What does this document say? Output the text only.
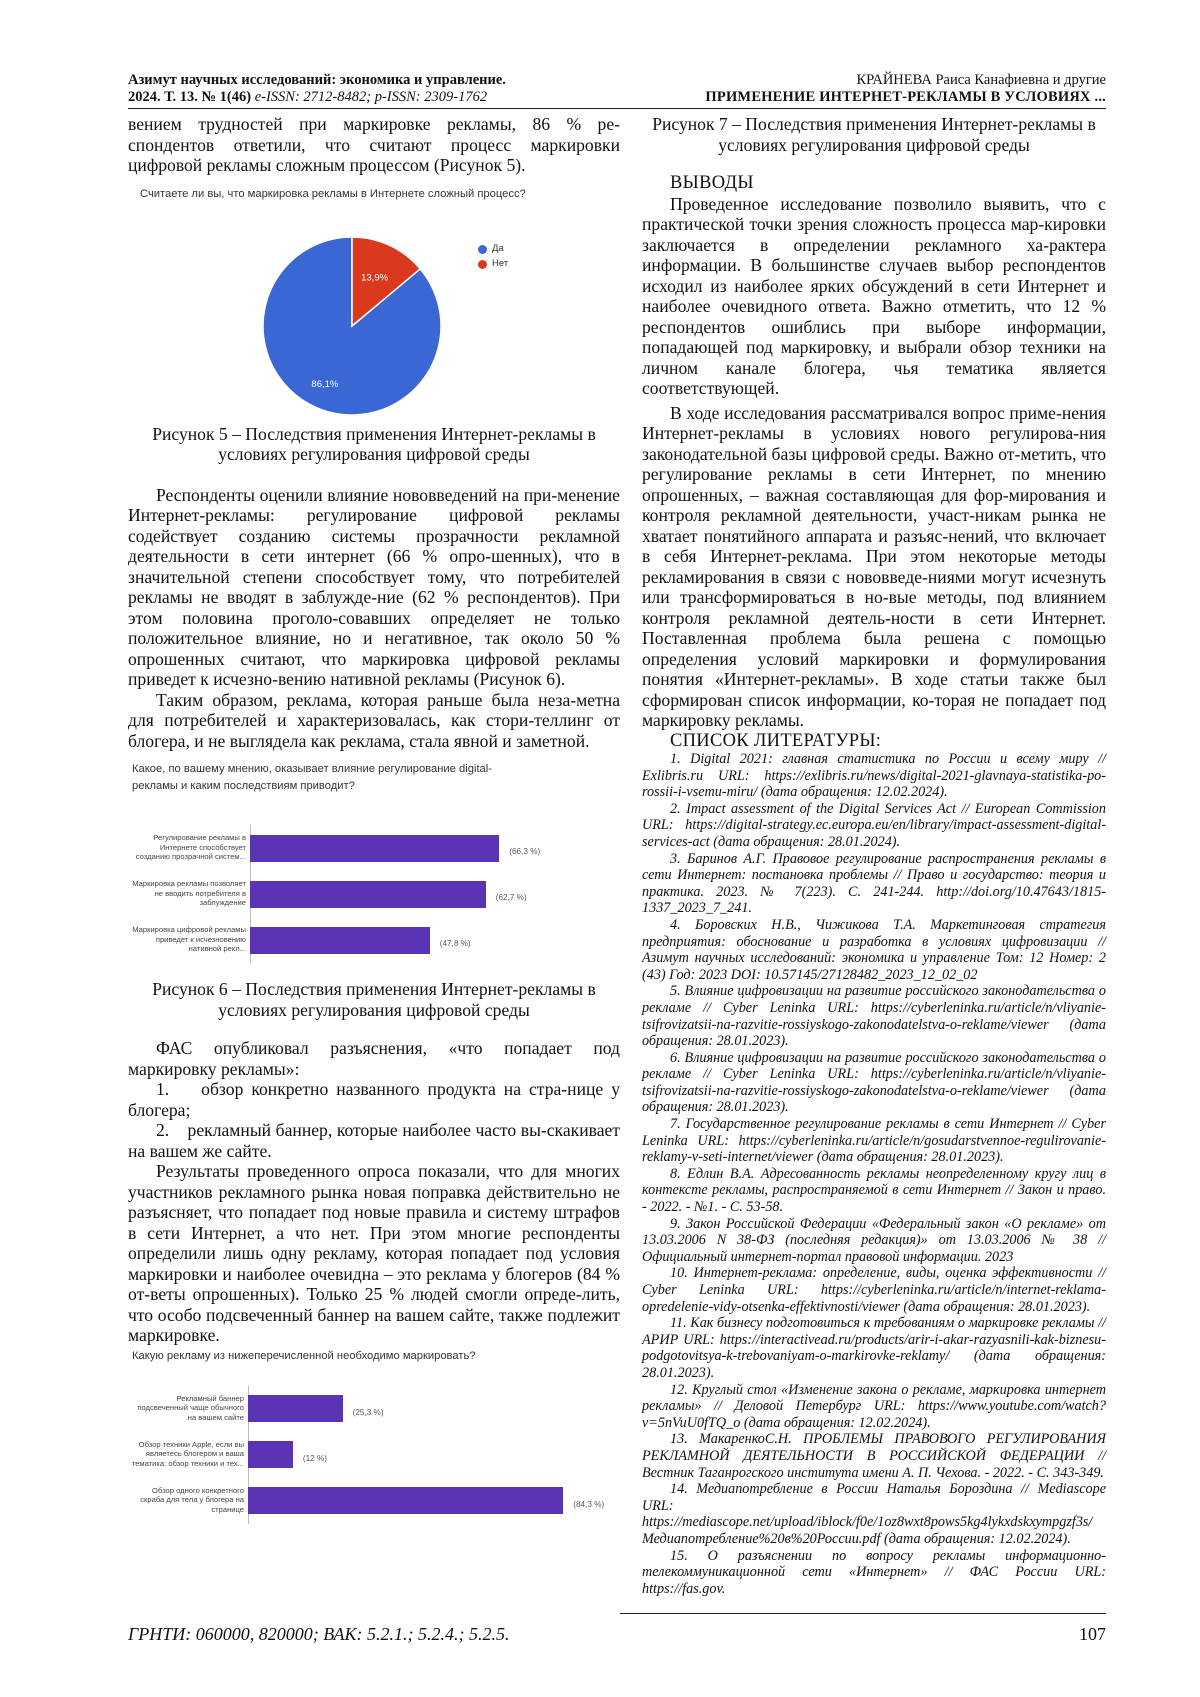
Азимут научных исследований: экономика и управление.
2024. Т. 13. № 1(46) e-ISSN: 2712-8482; p-ISSN: 2309-1762
КРАЙНЕВА Раиса Канафиевна и другие
ПРИМЕНЕНИЕ ИНТЕРНЕТ-РЕКЛАМЫ В УСЛОВИЯХ ...

вением трудностей при маркировке рекламы, 86 % ре-спондентов ответили, что считают процесс маркировки цифровой рекламы сложным процессом (Рисунок 5).

Считаете ли вы, что маркировка рекламы в Интернете сложный процесс?
86,1%
13,9%
Да
Нет

Рисунок 5 – Последствия применения Интернет-рекламы в условиях регулирования цифровой среды

Респонденты оценили влияние нововведений на при-менение Интернет-рекламы: регулирование цифровой рекламы содействует созданию системы прозрачности рекламной деятельности в сети интернет (66 % опро-шенных), что в значительной степени способствует тому, что потребителей рекламы не вводят в заблужде-ние (62 % респондентов). При этом половина проголо-совавших определяет не только положительное влияние, но и негативное, так около 50 % опрошенных считают, что маркировка цифровой рекламы приведет к исчезно-вению нативной рекламы (Рисунок 6).

Таким образом, реклама, которая раньше была неза-метна для потребителей и характеризовалась, как стори-теллинг от блогера, и не выглядела как реклама, стала явной и заметной.

Какое, по вашему мнению, оказывает влияние регулирование digital-рекламы и каким последствиям приводит?
Регулирование рекламы в Интернете способствует созданию прозрачной систем...
(66,3 %)
Маркировка рекламы позволяет не вводить потребителя в заблуждение
(62,7 %)
Маркировка цифровой рекламы приведет к исчезновению нативной рекл...
(47,8 %)

Рисунок 6 – Последствия применения Интернет-рекламы в условиях регулирования цифровой среды

ФАС опубликовал разъяснения, «что попадает под маркировку рекламы»:

1. обзор конкретно названного продукта на стра-нице у блогера;

2. рекламный баннер, которые наиболее часто вы-скакивает на вашем же сайте.

Результаты проведенного опроса показали, что для многих участников рекламного рынка новая поправка действительно не разъясняет, что попадает под новые правила и систему штрафов в сети Интернет, а что нет. При этом многие респонденты определили лишь одну рекламу, которая попадает под условия маркировки и наиболее очевидна – это реклама у блогеров (84 % от-веты опрошенных). Только 25 % людей смогли опреде-лить, что особо подсвеченный баннер на вашем сайте, также подлежит маркировке.

Какую рекламу из нижеперечисленной необходимо маркировать?
Рекламный баннер подсвеченный чаще обычного на вашем сайте
(25,3 %)
Обзор техники Apple, если вы являетесь блогером и ваша тематика: обзор техники и тех...
(12 %)
Обзор одного конкретного скраба для тела у блогера на странице
(84,3 %)

Рисунок 7 – Последствия применения Интернет-рекламы в условиях регулирования цифровой среды

ВЫВОДЫ

Проведенное исследование позволило выявить, что с практической точки зрения сложность процесса мар-кировки заключается в определении рекламного ха-рактера информации. В большинстве случаев выбор респондентов исходил из наиболее ярких обсуждений в сети Интернет и наиболее очевидного ответа. Важно отметить, что 12 % респондентов ошиблись при выборе информации, попадающей под маркировку, и выбрали обзор техники на личном канале блогера, чья тематика является соответствующей.

В ходе исследования рассматривался вопрос приме-нения Интернет-рекламы в условиях нового регулирова-ния законодательной базы цифровой среды. Важно от-метить, что регулирование рекламы в сети Интернет, по мнению опрошенных, – важная составляющая для фор-мирования и контроля рекламной деятельности, участ-никам рынка не хватает понятийного аппарата и разъяс-нений, что включает в себя Интернет-реклама. При этом некоторые методы рекламирования в связи с нововведе-ниями могут исчезнуть или трансформироваться в но-вые методы, под влиянием контроля рекламной деятель-ности в сети Интернет. Поставленная проблема была решена с помощью определения условий маркировки и формулирования понятия «Интернет-рекламы». В ходе статьи также был сформирован список информации, ко-торая не попадает под маркировку рекламы.

СПИСОК ЛИТЕРАТУРЫ:

1. Digital 2021: главная статистика по России и всему миру // Exlibris.ru URL: https://exlibris.ru/news/digital-2021-glavnaya-statistika-po-rossii-i-vsemu-miru/ (дата обращения: 12.02.2024).

2. Impact assessment of the Digital Services Act // European Commission URL: https://digital-strategy.ec.europa.eu/en/library/impact-assessment-digital-services-act (дата обращения: 28.01.2024).

3. Баринов А.Г. Правовое регулирование распространения рекламы в сети Интернет: постановка проблемы // Право и государство: теория и практика. 2023. № 7(223). С. 241-244. http://doi.org/10.47643/1815-1337_2023_7_241.

4. Боровских Н.В., Чижикова Т.А. Маркетинговая стратегия предприятия: обоснование и разработка в условиях цифровизации // Азимут научных исследований: экономика и управление Том: 12 Номер: 2 (43) Год: 2023 DOI: 10.57145/27128482_2023_12_02_02

5. Влияние цифровизации на развитие российского законодательства о рекламе // Cyber Leninka URL: https://cyberleninka.ru/article/n/vliyanie-tsifrovizatsii-na-razvitie-rossiyskogo-zakonodatelstva-o-reklame/viewer (дата обращения: 28.01.2023).

6. Влияние цифровизации на развитие российского законодательства о рекламе // Cyber Leninka URL: https://cyberleninka.ru/article/n/vliyanie-tsifrovizatsii-na-razvitie-rossiyskogo-zakonodatelstva-o-reklame/viewer (дата обращения: 28.01.2023).

7. Государственное регулирование рекламы в сети Интернет // Cyber Leninka URL: https://cyberleninka.ru/article/n/gosudarstvennoe-regulirovanie-reklamy-v-seti-internet/viewer (дата обращения: 28.01.2023).

8. Едлин В.А. Адресованность рекламы неопределенному кругу лиц в контексте рекламы, распространяемой в сети Интернет // Закон и право. - 2022. - №1. - С. 53-58.

9. Закон Российской Федерации «Федеральный закон «О рекламе» от 13.03.2006 N 38-ФЗ (последняя редакция)» от 13.03.2006 № 38 // Официальный интернет-портал правовой информации. 2023

10. Интернет-реклама: определение, виды, оценка эффективности // Cyber Leninka URL: https://cyberleninka.ru/article/n/internet-reklama-opredelenie-vidy-otsenka-effektivnosti/viewer (дата обращения: 28.01.2023).

11. Как бизнесу подготовиться к требованиям о маркировке рекламы // АРИР URL: https://interactivead.ru/products/arir-i-akar-razyasnili-kak-biznesu-podgotovitsya-k-trebovaniyam-o-markirovke-reklamy/ (дата обращения: 28.01.2023).

12. Круглый стол «Изменение закона о рекламе, маркировка интернет рекламы» // Деловой Петербург URL: https://www.youtube.com/watch?v=5nVuU0fTQ_o (дата обращения: 12.02.2024).

13. МакаренкоС.Н. ПРОБЛЕМЫ ПРАВОВОГО РЕГУЛИРОВАНИЯ РЕКЛАМНОЙ ДЕЯТЕЛЬНОСТИ В РОССИЙСКОЙ ФЕДЕРАЦИИ // Вестник Таганрогского института имени А. П. Чехова. - 2022. - С. 343-349.

14. Медиапотребление в России Наталья Бороздина // Mediascope URL: https://mediascope.net/upload/iblock/f0e/1oz8wxt8pows5kg4lykxdskxympgzf3s/Медиапотребление%20в%20России.pdf (дата обращения: 12.02.2024).

15. О разъяснении по вопросу рекламы информационно-телекоммуникационной сети «Интернет» // ФАС России URL: https://fas.gov.

ГРНТИ: 060000, 820000; ВАК: 5.2.1.; 5.2.4.; 5.2.5.	107
